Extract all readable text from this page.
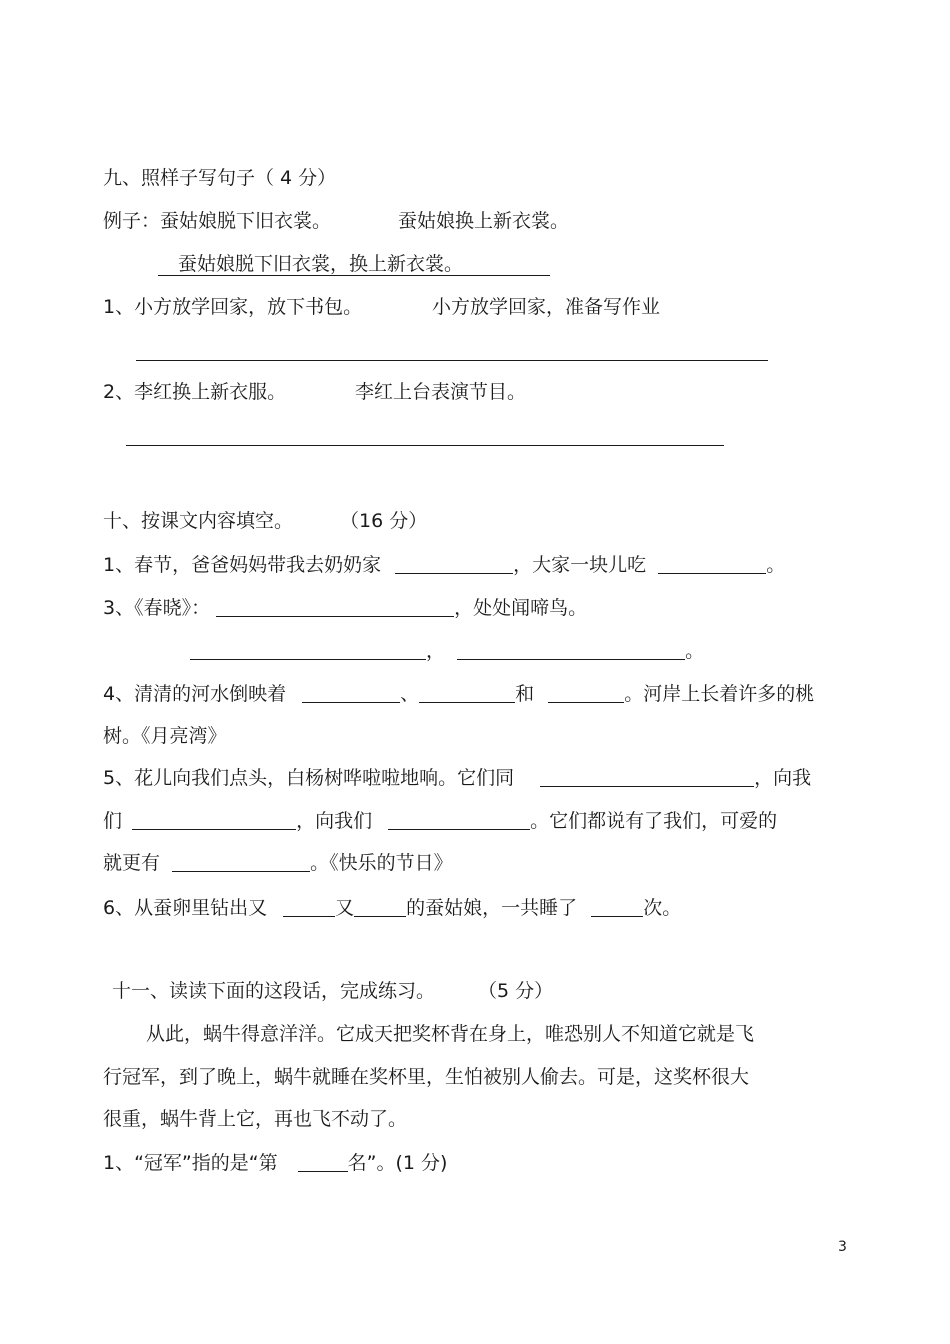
九、照样子写句子（ 4 分）
例子：蚕姑娘脱下旧衣裳。	蚕姑娘换上新衣裳。
蚕姑娘脱下旧衣裳，换上新衣裳。
1、小方放学回家，放下书包。	小方放学回家，准备写作业
2、李红换上新衣服。	李红上台表演节目。
十、按课文内容填空。 （16 分）
1、春节，爸爸妈妈带我去奶奶家	，大家一块儿吃	。
3、《春晓》：	，处处闻啼鸟。
，	。
4、清清的河水倒映着	、	和	。河岸上长着许多的桃
树。《月亮湾》
5、花儿向我们点头，白杨树哗啦啦地响。它们同	，向我
们	，向我们	。它们都说有了我们，可爱的
就更有	。《快乐的节日》
6、从蚕卵里钻出又	又	的蚕姑娘，一共睡了	次。
十一、读读下面的这段话，完成练习。 （5 分）
从此，蜗牛得意洋洋。它成天把奖杯背在身上，唯恐别人不知道它就是飞
行冠军，到了晚上，蜗牛就睡在奖杯里，生怕被别人偷去。可是，这奖杯很大
很重，蜗牛背上它，再也飞不动了。
1、“冠军”指的是“第	名”。(1 分)
3
